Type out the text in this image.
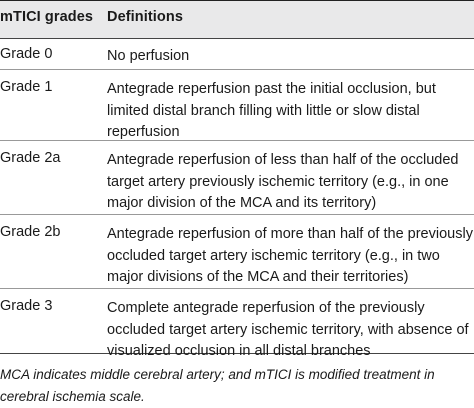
mTICI grades Definitions
Grade 0	No perfusion
Grade 1	Antegrade reperfusion past the initial occlusion, but limited distal branch filling with little or slow distal reperfusion
Grade 2a	Antegrade reperfusion of less than half of the occluded target artery previously ischemic territory (e.g., in one major division of the MCA and its territory)
Grade 2b	Antegrade reperfusion of more than half of the previously occluded target artery ischemic territory (e.g., in two major divisions of the MCA and their territories)
Grade 3	Complete antegrade reperfusion of the previously occluded target artery ischemic territory, with absence of visualized occlusion in all distal branches
MCA indicates middle cerebral artery; and mTICI is modified treatment in cerebral ischemia scale.
